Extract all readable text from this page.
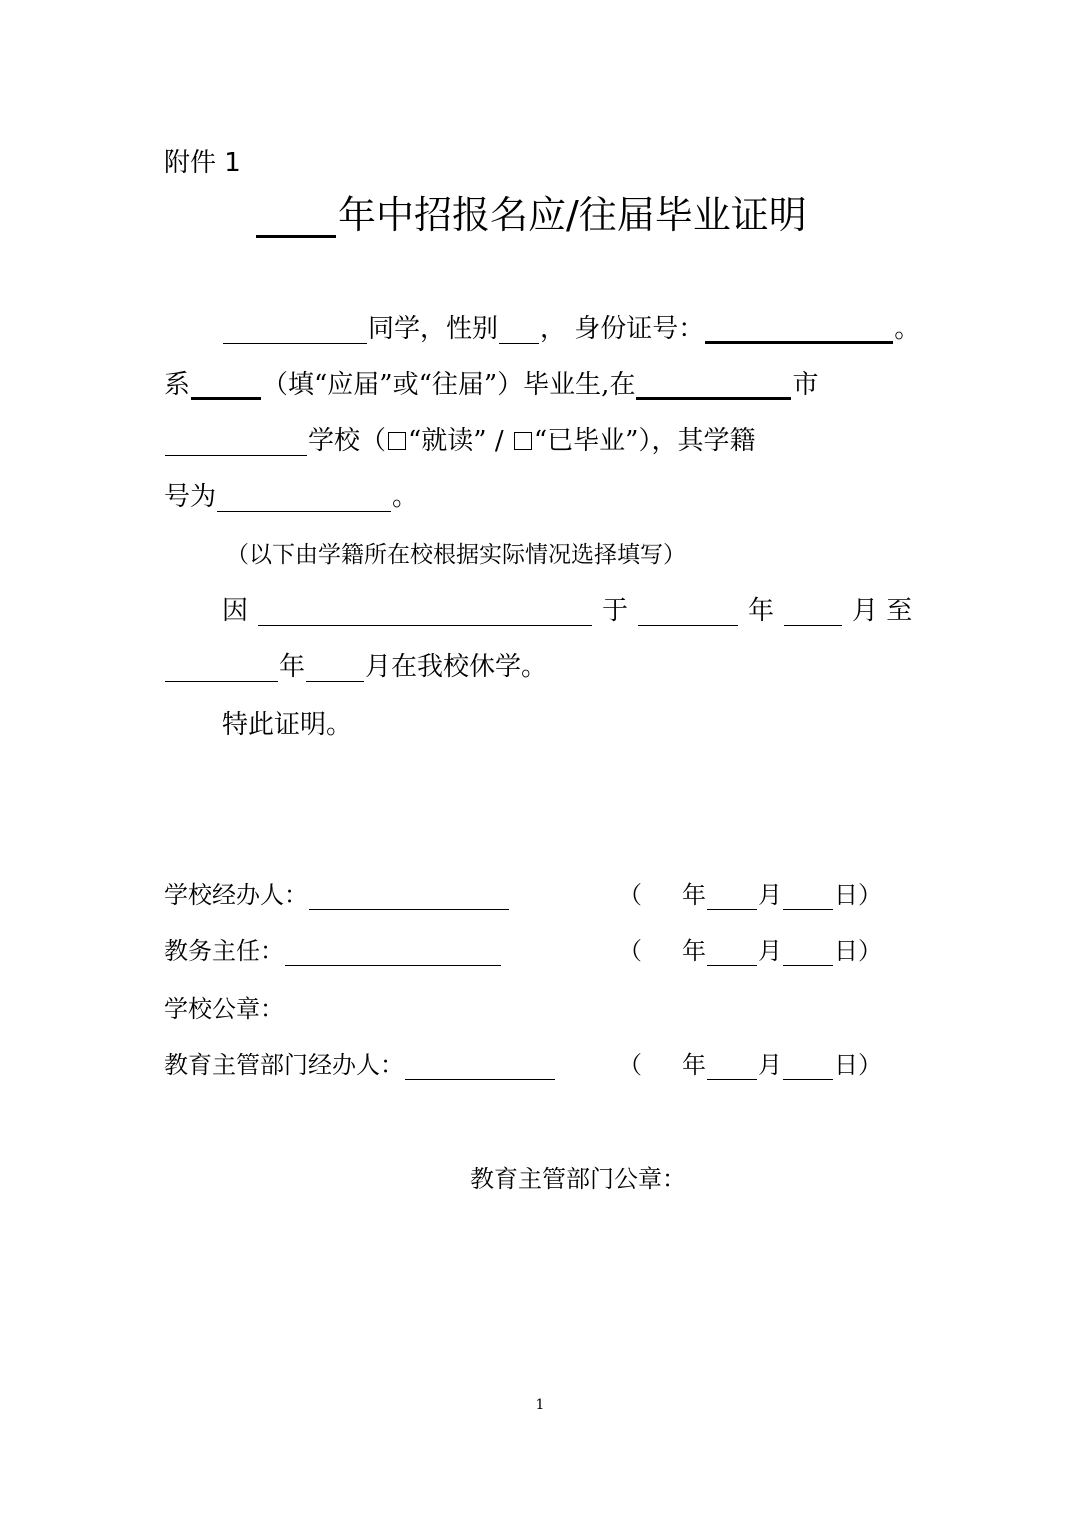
附件 1
年中招报名应/往届毕业证明
同学，性别 ， 身份证号：	。
系	（填“应届”或“往届”）毕业生,在	市
学校（ “就读” / “已毕业”），其学籍
号为	。
（以下由学籍所在校根据实际情况选择填写）
因	于	年	月 至
年 月在我校休学。
特此证明。
学校经办人：	（ 年 月 日）
教务主任：	（ 年 月 日）
学校公章：
教育主管部门经办人：	（ 年 月 日）
教育主管部门公章：
1
